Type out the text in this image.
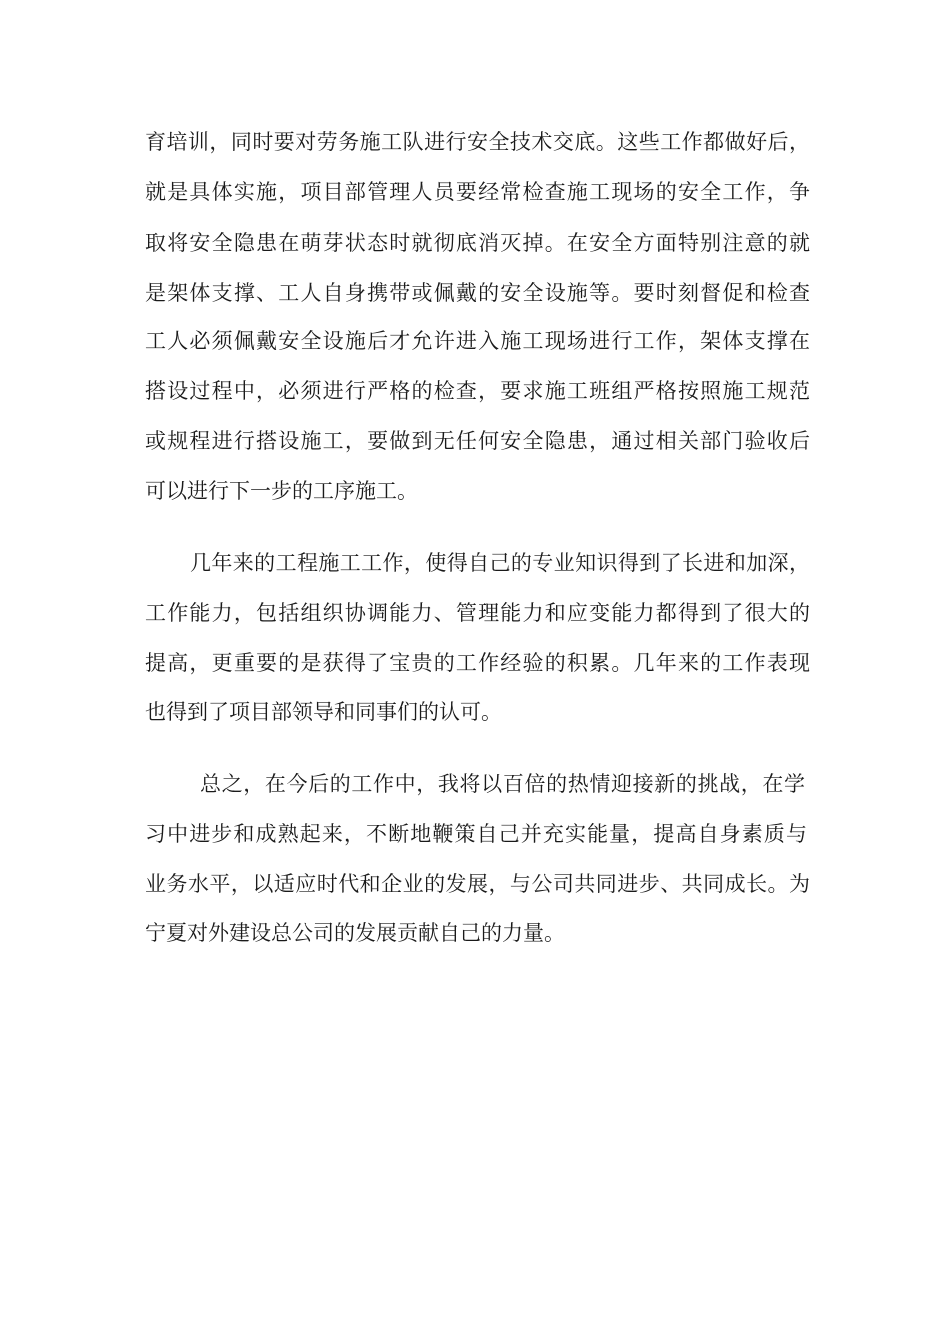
育培训，同时要对劳务施工队进行安全技术交底。这些工作都做好后，
就是具体实施，项目部管理人员要经常检查施工现场的安全工作，争
取将安全隐患在萌芽状态时就彻底消灭掉。在安全方面特别注意的就
是架体支撑、工人自身携带或佩戴的安全设施等。要时刻督促和检查
工人必须佩戴安全设施后才允许进入施工现场进行工作，架体支撑在
搭设过程中，必须进行严格的检查，要求施工班组严格按照施工规范
或规程进行搭设施工，要做到无任何安全隐患，通过相关部门验收后
可以进行下一步的工序施工。
几年来的工程施工工作，使得自己的专业知识得到了长进和加深，
工作能力，包括组织协调能力、管理能力和应变能力都得到了很大的
提高，更重要的是获得了宝贵的工作经验的积累。几年来的工作表现
也得到了项目部领导和同事们的认可。
总之，在今后的工作中，我将以百倍的热情迎接新的挑战，在学
习中进步和成熟起来，不断地鞭策自己并充实能量，提高自身素质与
业务水平，以适应时代和企业的发展，与公司共同进步、共同成长。为
宁夏对外建设总公司的发展贡献自己的力量。
